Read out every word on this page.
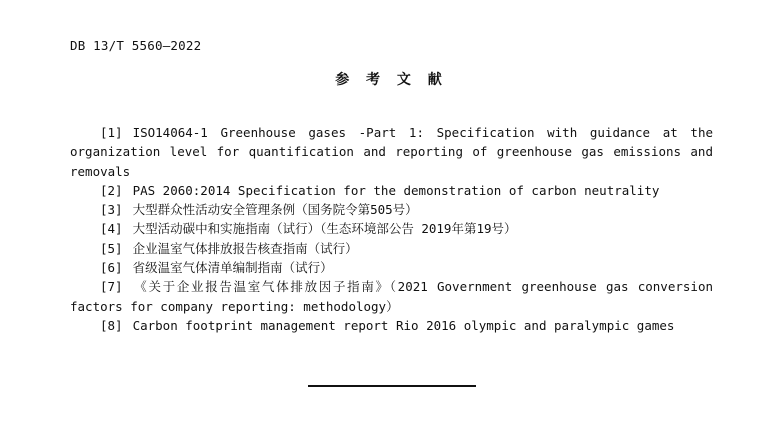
DB 13/T 5560—2022
参 考 文 献

[1] ISO14064-1 Greenhouse gases -Part 1: Specification with guidance at the organization level for quantification and reporting of greenhouse gas emissions and removals

[2] PAS 2060:2014 Specification for the demonstration of carbon neutrality

[3] 大型群众性活动安全管理条例（国务院令第505号）

[4] 大型活动碳中和实施指南（试行）（生态环境部公告 2019年第19号）

[5] 企业温室气体排放报告核查指南（试行）

[6] 省级温室气体清单编制指南（试行）

[7] 《关于企业报告温室气体排放因子指南》（2021 Government greenhouse gas conversion factors for company reporting: methodology）

[8] Carbon footprint management report Rio 2016 olympic and paralympic games
